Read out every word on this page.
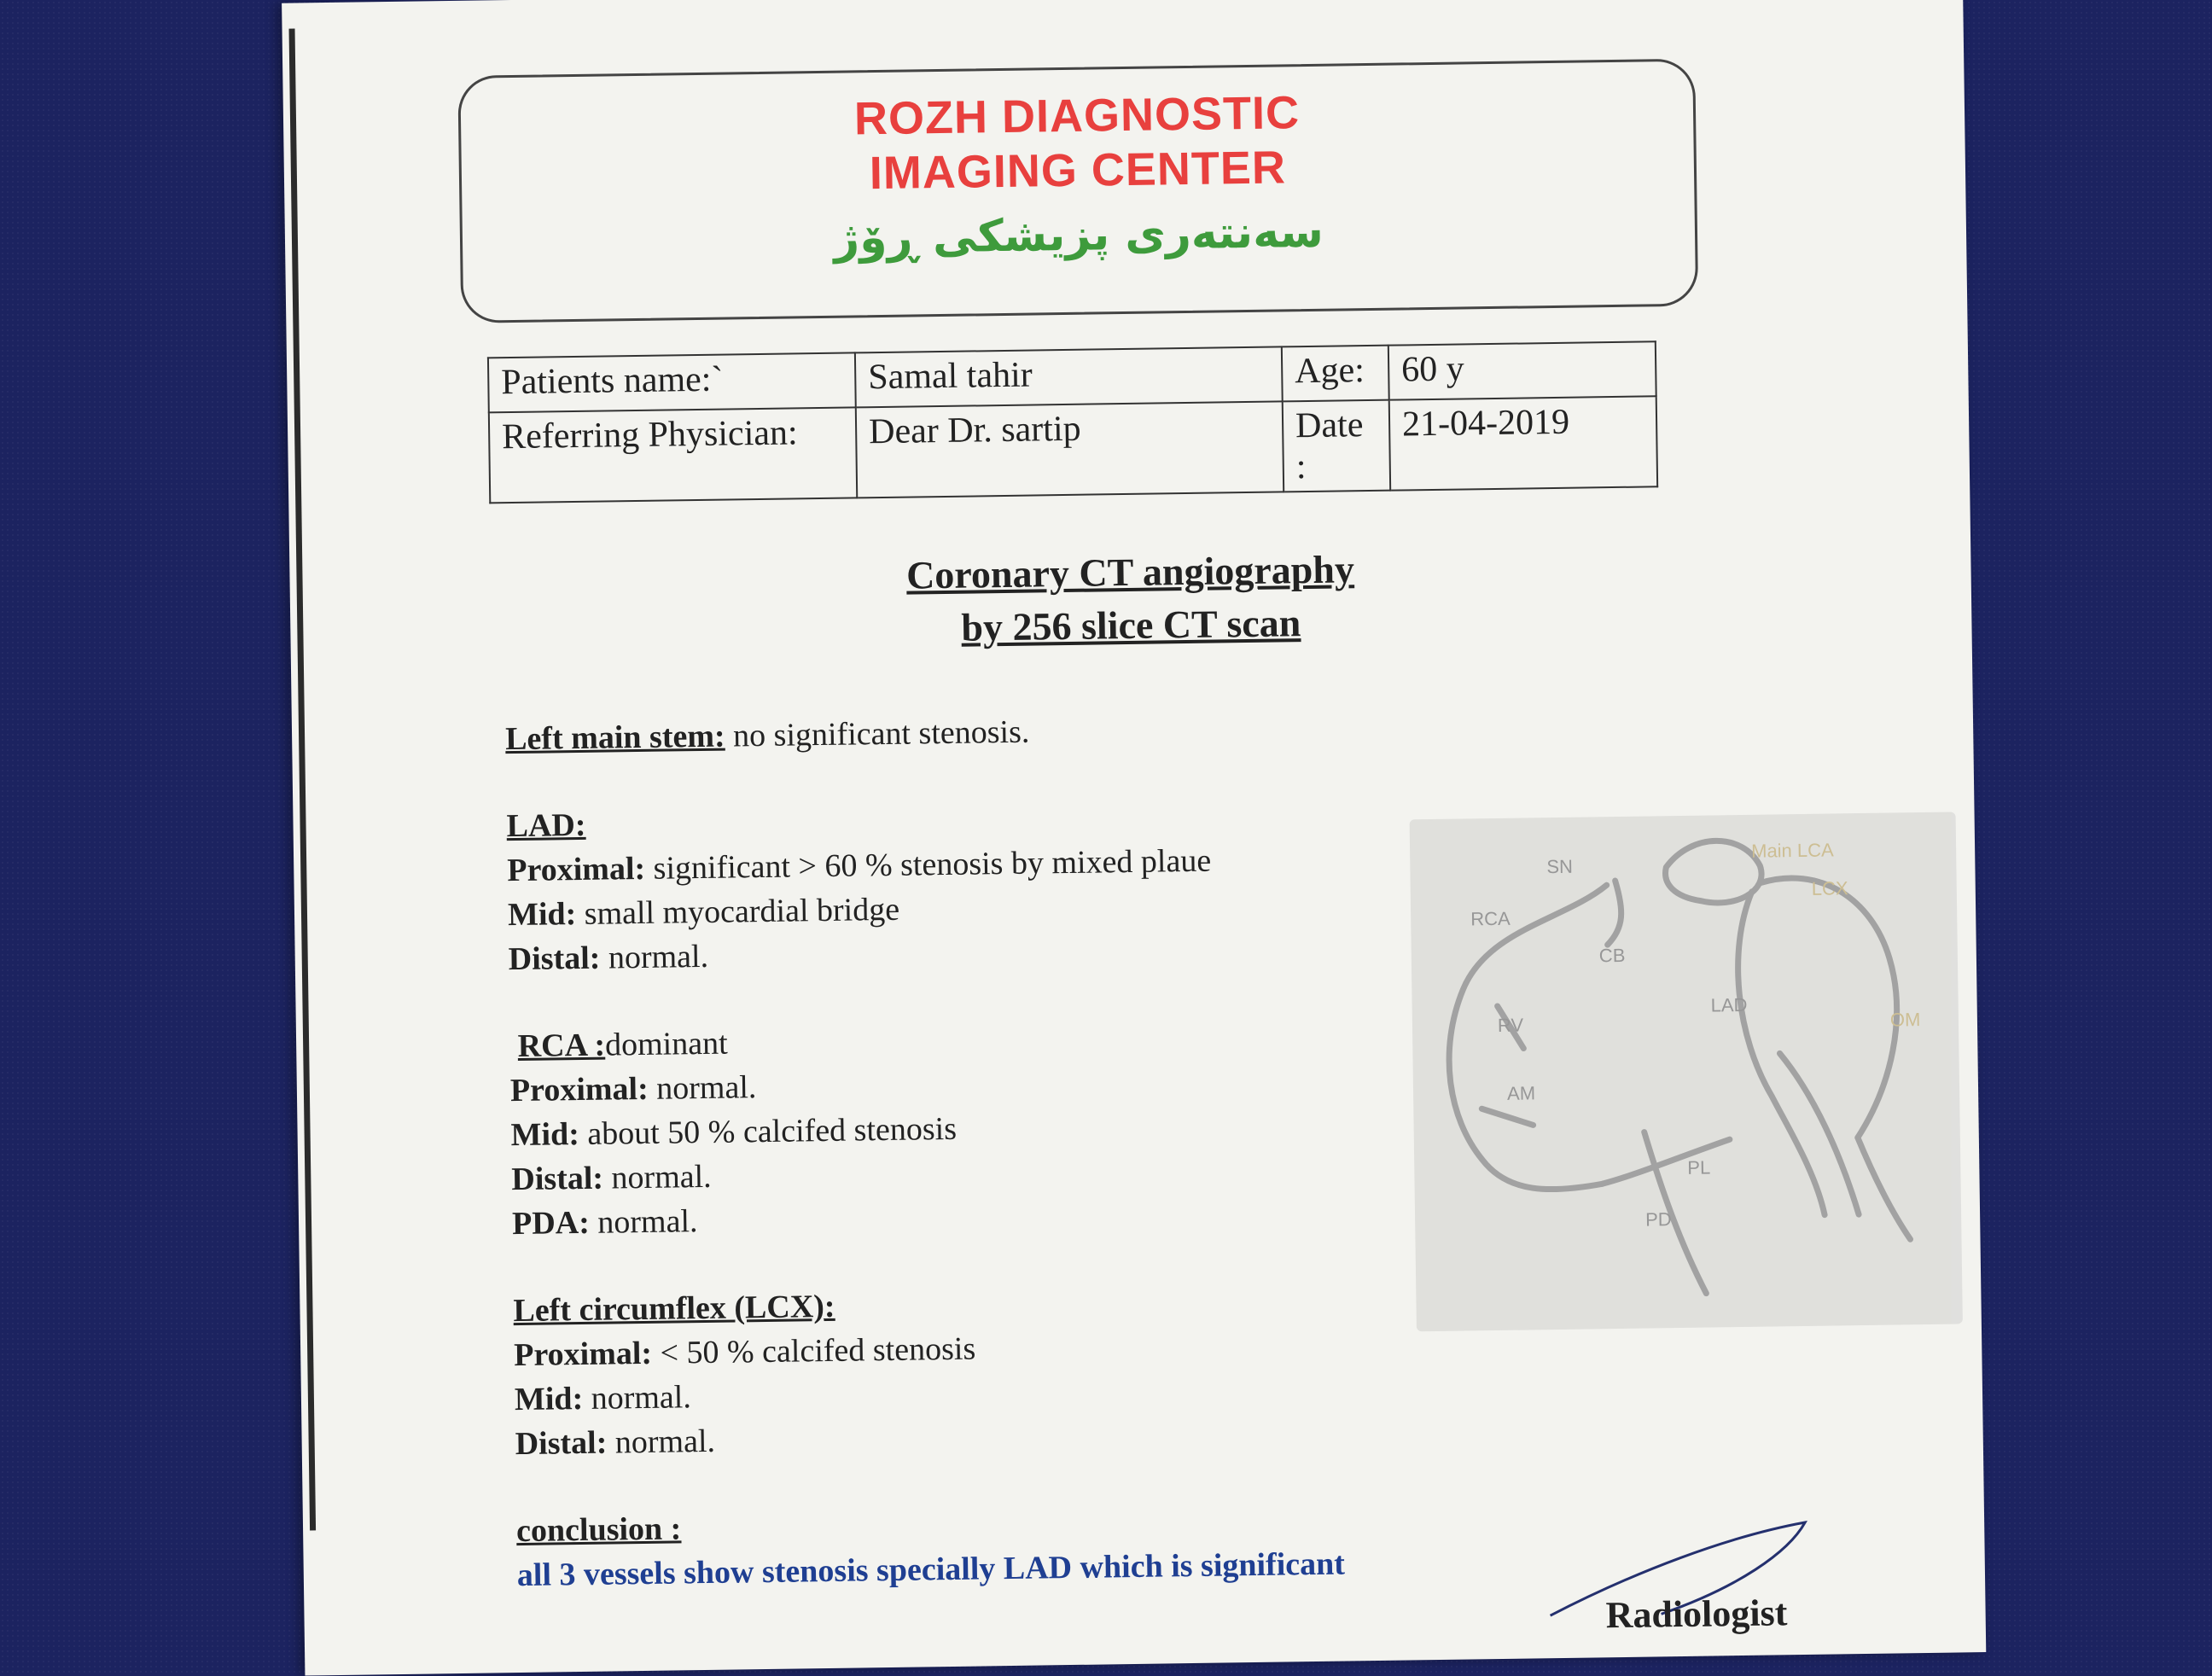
ROZH DIAGNOSTIC
IMAGING CENTER
سەنتەری پزیشکی ڕۆژ
Patients name:`	Samal tahir	Age:	60 y
Referring Physician:	Dear Dr. sartip	Date :	21-04-2019
Coronary CT angiography
by 256 slice CT scan
Left main stem: no significant stenosis.
LAD:
Proximal: significant > 60 % stenosis by mixed plaue
Mid: small myocardial bridge
Distal: normal.
RCA :dominant
Proximal: normal.
Mid: about 50 % calcifed stenosis
Distal: normal.
PDA: normal.
Left circumflex (LCX):
Proximal: < 50 % calcifed stenosis
Mid: normal.
Distal: normal.
conclusion :
all 3 vessels show stenosis specially LAD which is significant
SN
RCA
CB
RV
AM
LAD
Main LCA
LCX
PD
PL
OM
Radiologist
